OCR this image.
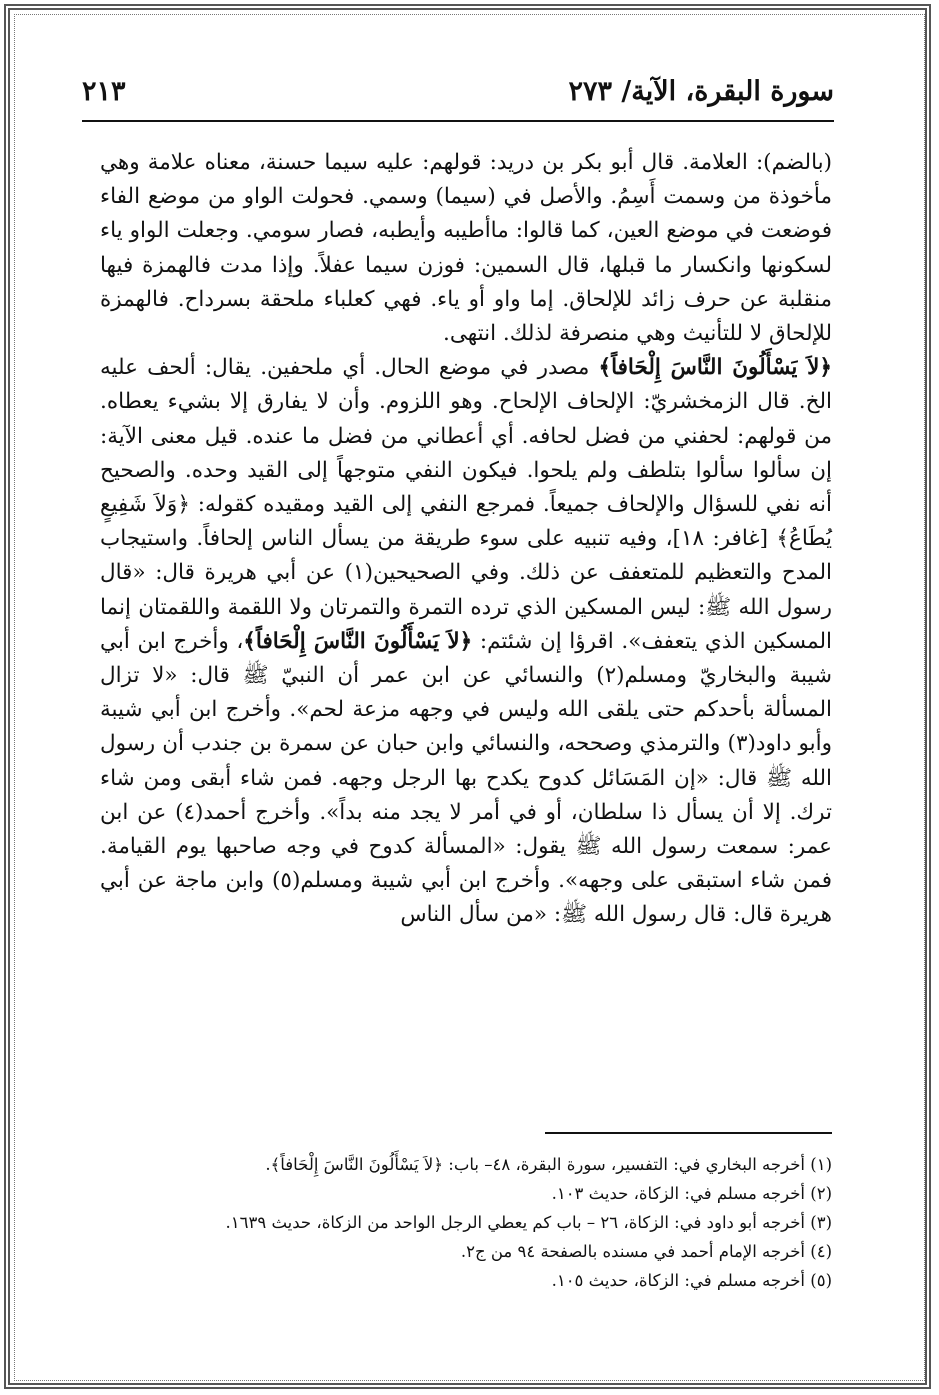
سورة البقرة، الآية/ ٢٧٣
٢١٣

(بالضم): العلامة. قال أبو بكر بن دريد: قولهم: عليه سيما حسنة، معناه علامة وهي مأخوذة من وسمت أَسِمُ. والأصل في (سيما) وسمي. فحولت الواو من موضع الفاء فوضعت في موضع العين، كما قالوا: ماأطيبه وأيطبه، فصار سومي. وجعلت الواو ياء لسكونها وانكسار ما قبلها، قال السمين: فوزن سيما عفلاً. وإذا مدت فالهمزة فيها منقلبة عن حرف زائد للإلحاق. إما واو أو ياء. فهي كعلباء ملحقة بسرداح. فالهمزة للإلحاق لا للتأنيث وهي منصرفة لذلك. انتهى.

﴿لاَ يَسْأَلُونَ النَّاسَ إِلْحَافاً﴾ مصدر في موضع الحال. أي ملحفين. يقال: ألحف عليه الخ. قال الزمخشريّ: الإلحاف الإلحاح. وهو اللزوم. وأن لا يفارق إلا بشيء يعطاه. من قولهم: لحفني من فضل لحافه. أي أعطاني من فضل ما عنده. قيل معنى الآية: إن سألوا سألوا بتلطف ولم يلحوا. فيكون النفي متوجهاً إلى القيد وحده. والصحيح أنه نفي للسؤال والإلحاف جميعاً. فمرجع النفي إلى القيد ومقيده كقوله: ﴿وَلاَ شَفِيعٍ يُطَاعُ﴾ [غافر: ١٨]، وفيه تنبيه على سوء طريقة من يسأل الناس إلحافاً. واستيجاب المدح والتعظيم للمتعفف عن ذلك. وفي الصحيحين(١) عن أبي هريرة قال: «قال رسول الله ﷺ: ليس المسكين الذي ترده التمرة والتمرتان ولا اللقمة واللقمتان إنما المسكين الذي يتعفف». اقرؤا إن شئتم: ﴿لاَ يَسْأَلُونَ النَّاسَ إِلْحَافاً﴾، وأخرج ابن أبي شيبة والبخاريّ ومسلم(٢) والنسائي عن ابن عمر أن النبيّ ﷺ قال: «لا تزال المسألة بأحدكم حتى يلقى الله وليس في وجهه مزعة لحم». وأخرج ابن أبي شيبة وأبو داود(٣) والترمذي وصححه، والنسائي وابن حبان عن سمرة بن جندب أن رسول الله ﷺ قال: «إن المَسَائل كدوح يكدح بها الرجل وجهه. فمن شاء أبقى ومن شاء ترك. إلا أن يسأل ذا سلطان، أو في أمر لا يجد منه بداً». وأخرج أحمد(٤) عن ابن عمر: سمعت رسول الله ﷺ يقول: «المسألة كدوح في وجه صاحبها يوم القيامة. فمن شاء استبقى على وجهه». وأخرج ابن أبي شيبة ومسلم(٥) وابن ماجة عن أبي هريرة قال: قال رسول الله ﷺ: «من سأل الناس

(١) أخرجه البخاري في: التفسير، سورة البقرة، ٤٨– باب: ﴿لاَ يَسْأَلُونَ النَّاسَ إِلْحَافاً﴾.
(٢) أخرجه مسلم في: الزكاة، حديث ١٠٣.
(٣) أخرجه أبو داود في: الزكاة، ٢٦ – باب كم يعطي الرجل الواحد من الزكاة، حديث ١٦٣٩.
(٤) أخرجه الإمام أحمد في مسنده بالصفحة ٩٤ من ج٢.
(٥) أخرجه مسلم في: الزكاة، حديث ١٠٥.
